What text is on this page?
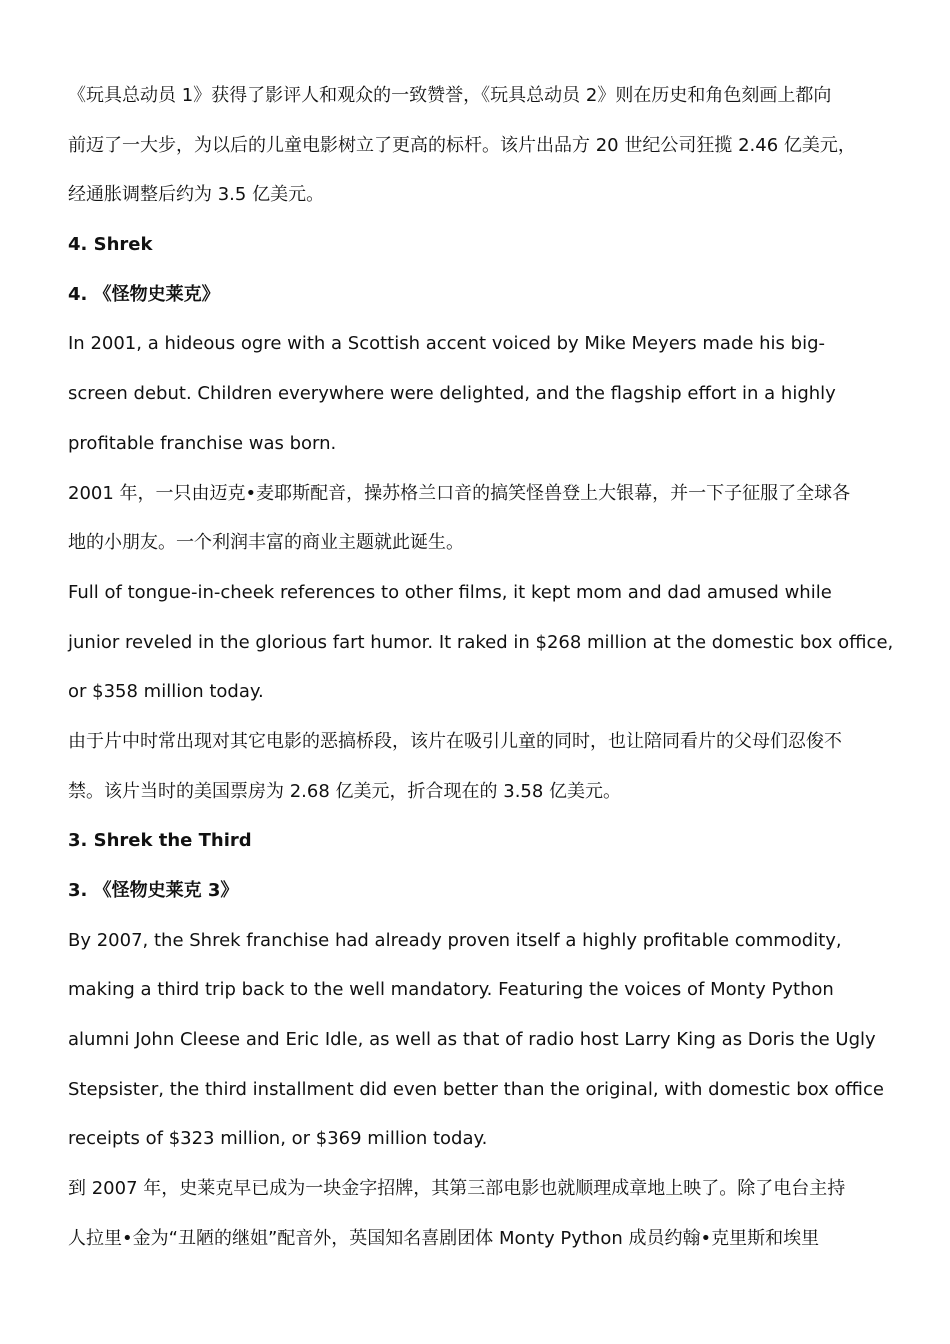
《玩具总动员 1》获得了影评人和观众的一致赞誉，《玩具总动员 2》则在历史和角色刻画上都向
前迈了一大步，为以后的儿童电影树立了更高的标杆。该片出品方 20 世纪公司狂揽 2.46 亿美元，
经通胀调整后约为 3.5 亿美元。
4. Shrek
4. 《怪物史莱克》
In 2001, a hideous ogre with a Scottish accent voiced by Mike Meyers made his big-
screen debut. Children everywhere were delighted, and the flagship effort in a highly
profitable franchise was born.
2001 年，一只由迈克•麦耶斯配音，操苏格兰口音的搞笑怪兽登上大银幕，并一下子征服了全球各
地的小朋友。一个利润丰富的商业主题就此诞生。
Full of tongue-in-cheek references to other films, it kept mom and dad amused while
junior reveled in the glorious fart humor. It raked in $268 million at the domestic box office,
or $358 million today.
由于片中时常出现对其它电影的恶搞桥段，该片在吸引儿童的同时，也让陪同看片的父母们忍俊不
禁。该片当时的美国票房为 2.68 亿美元，折合现在的 3.58 亿美元。
3. Shrek the Third
3. 《怪物史莱克 3》
By 2007, the Shrek franchise had already proven itself a highly profitable commodity,
making a third trip back to the well mandatory. Featuring the voices of Monty Python
alumni John Cleese and Eric Idle, as well as that of radio host Larry King as Doris the Ugly
Stepsister, the third installment did even better than the original, with domestic box office
receipts of $323 million, or $369 million today.
到 2007 年，史莱克早已成为一块金字招牌，其第三部电影也就顺理成章地上映了。除了电台主持
人拉里•金为“丑陋的继姐”配音外，英国知名喜剧团体 Monty Python 成员约翰•克里斯和埃里
